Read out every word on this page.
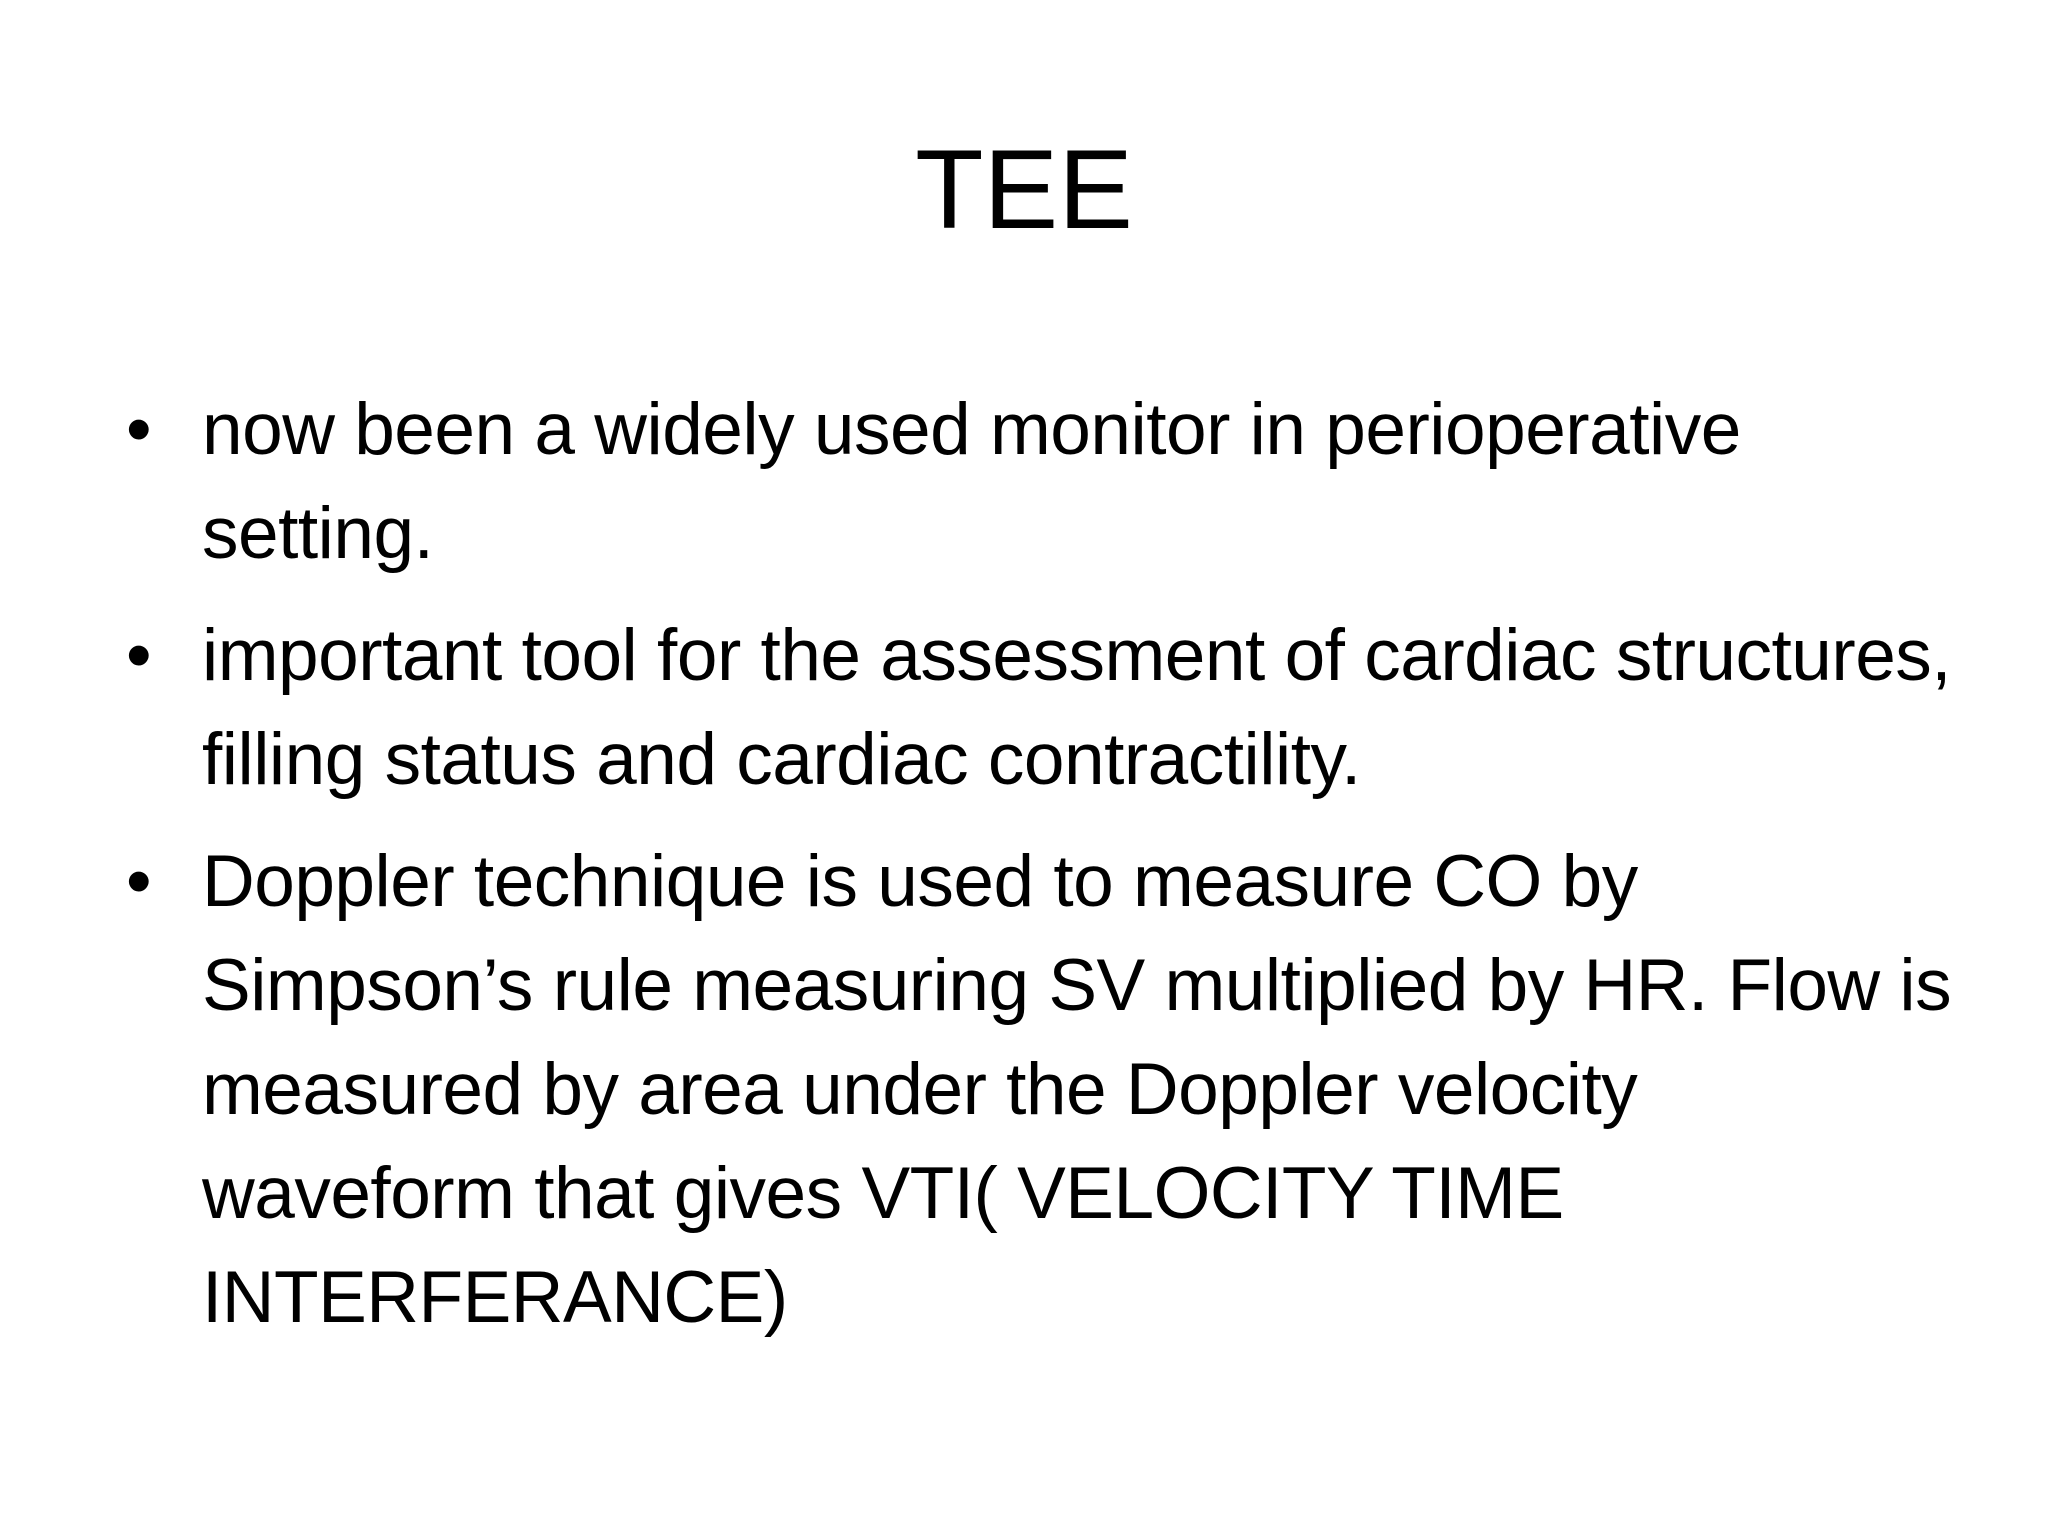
TEE
• now been a widely used monitor in perioperative setting.
• important tool for the assessment of cardiac structures, filling status and cardiac contractility.
• Doppler technique is used to measure CO by Simpson’s rule measuring SV multiplied by HR. Flow is measured by area under the Doppler velocity waveform that gives VTI( VELOCITY TIME INTERFERANCE)
